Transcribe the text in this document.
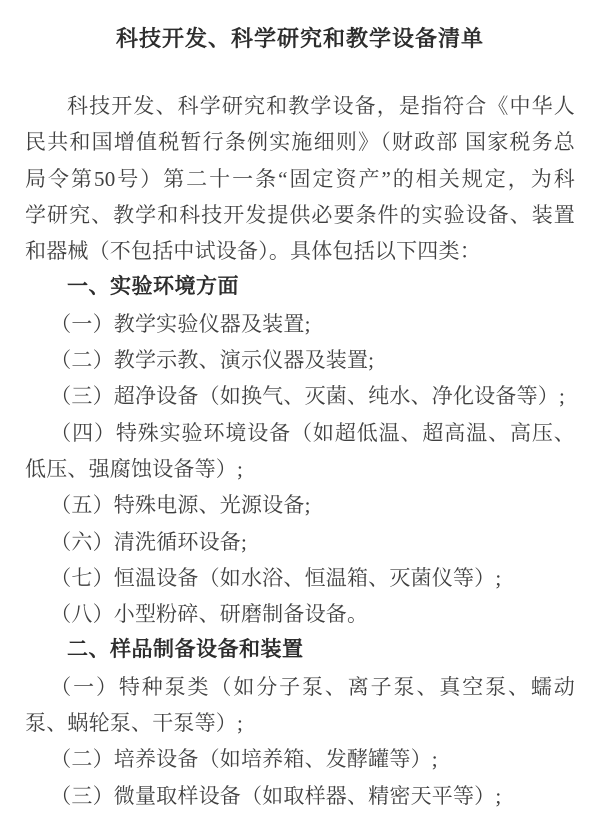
科技开发、科学研究和教学设备清单
科技开发、科学研究和教学设备，是指符合《中华人
民共和国增值税暂行条例实施细则》（财政部 国家税务总
局令第50号）第二十一条“固定资产”的相关规定，为科
学研究、教学和科技开发提供必要条件的实验设备、装置
和器械（不包括中试设备）。具体包括以下四类：
一、实验环境方面
（一）教学实验仪器及装置;
（二）教学示教、演示仪器及装置;
（三）超净设备（如换气、灭菌、纯水、净化设备等）;
（四）特殊实验环境设备（如超低温、超高温、高压、
低压、强腐蚀设备等）;
（五）特殊电源、光源设备;
（六）清洗循环设备;
（七）恒温设备（如水浴、恒温箱、灭菌仪等）;
（八）小型粉碎、研磨制备设备。
二、样品制备设备和装置
（一）特种泵类（如分子泵、离子泵、真空泵、蠕动
泵、蜗轮泵、干泵等）;
（二）培养设备（如培养箱、发酵罐等）;
（三）微量取样设备（如取样器、精密天平等）;
